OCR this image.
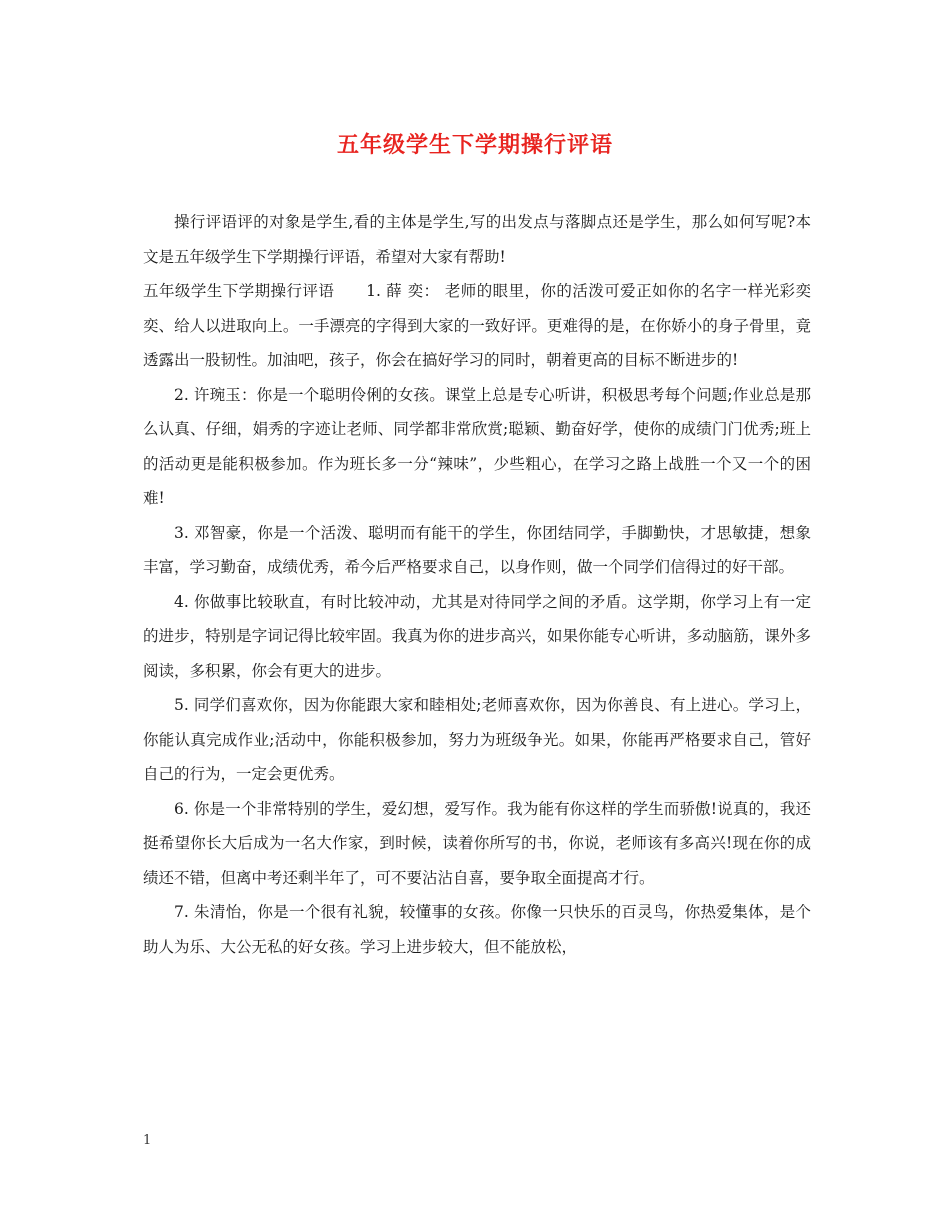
五年级学生下学期操行评语

操行评语评的对象是学生,看的主体是学生,写的出发点与落脚点还是学生，那么如何写呢?本文是五年级学生下学期操行评语，希望对大家有帮助!

五年级学生下学期操行评语　　1. 薛 奕： 老师的眼里，你的活泼可爱正如你的名字一样光彩奕奕、给人以进取向上。一手漂亮的字得到大家的一致好评。更难得的是，在你娇小的身子骨里，竟透露出一股韧性。加油吧，孩子，你会在搞好学习的同时，朝着更高的目标不断进步的!

2. 许琬玉：你是一个聪明伶俐的女孩。课堂上总是专心听讲，积极思考每个问题;作业总是那么认真、仔细，娟秀的字迹让老师、同学都非常欣赏;聪颖、勤奋好学，使你的成绩门门优秀;班上的活动更是能积极参加。作为班长多一分“辣味”，少些粗心，在学习之路上战胜一个又一个的困难!

3. 邓智豪，你是一个活泼、聪明而有能干的学生，你团结同学，手脚勤快，才思敏捷，想象丰富，学习勤奋，成绩优秀，希今后严格要求自己，以身作则，做一个同学们信得过的好干部。

4. 你做事比较耿直，有时比较冲动，尤其是对待同学之间的矛盾。这学期，你学习上有一定的进步，特别是字词记得比较牢固。我真为你的进步高兴，如果你能专心听讲，多动脑筋，课外多阅读，多积累，你会有更大的进步。

5. 同学们喜欢你，因为你能跟大家和睦相处;老师喜欢你，因为你善良、有上进心。学习上，你能认真完成作业;活动中，你能积极参加，努力为班级争光。如果，你能再严格要求自己，管好自己的行为，一定会更优秀。

6. 你是一个非常特别的学生，爱幻想，爱写作。我为能有你这样的学生而骄傲!说真的，我还挺希望你长大后成为一名大作家，到时候，读着你所写的书，你说，老师该有多高兴!现在你的成绩还不错，但离中考还剩半年了，可不要沾沾自喜，要争取全面提高才行。

7. 朱清怡，你是一个很有礼貌，较懂事的女孩。你像一只快乐的百灵鸟，你热爱集体，是个助人为乐、大公无私的好女孩。学习上进步较大，但不能放松，

1
